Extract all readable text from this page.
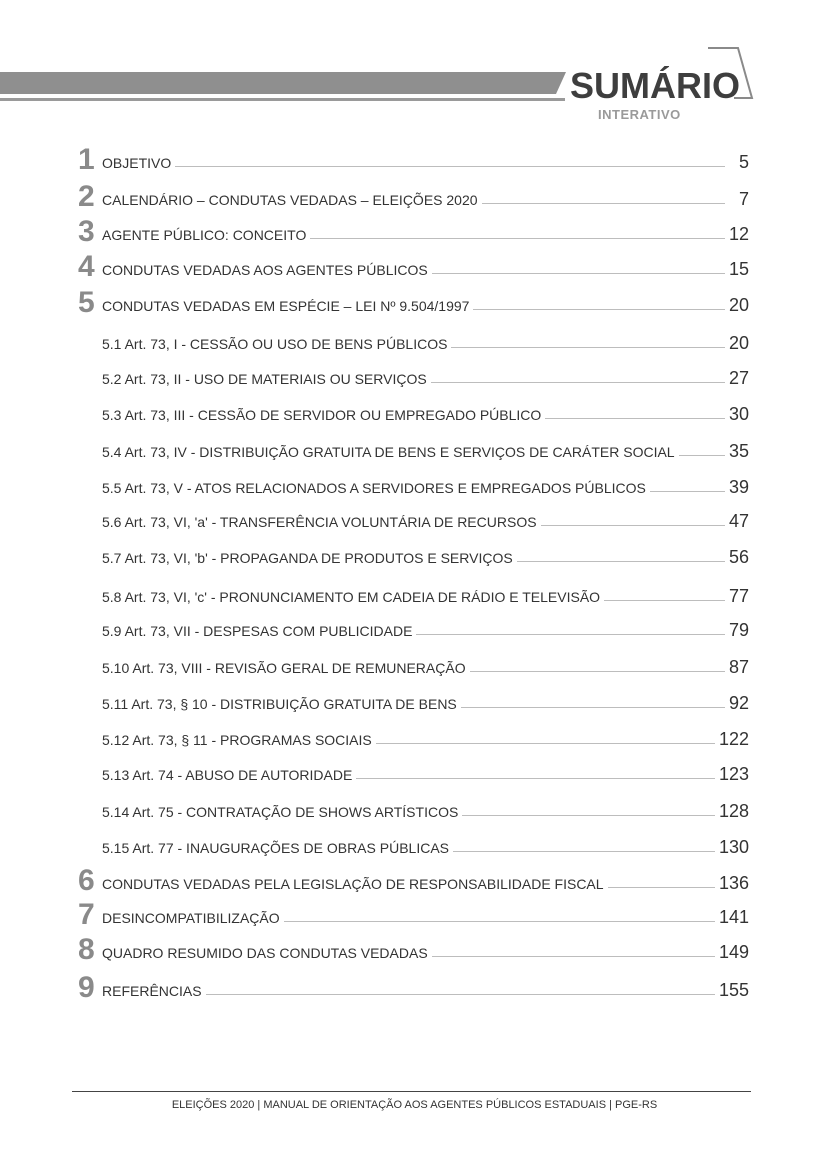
SUMÁRIO
INTERATIVO
1 OBJETIVO	5
2 CALENDÁRIO – CONDUTAS VEDADAS – ELEIÇÕES 2020	7
3 AGENTE PÚBLICO: CONCEITO	12
4 CONDUTAS VEDADAS AOS AGENTES PÚBLICOS	15
5 CONDUTAS VEDADAS EM ESPÉCIE – LEI Nº 9.504/1997	20
5.1 Art. 73, I - CESSÃO OU USO DE BENS PÚBLICOS	20
5.2 Art. 73, II - USO DE MATERIAIS OU SERVIÇOS	27
5.3 Art. 73, III - CESSÃO DE SERVIDOR OU EMPREGADO PÚBLICO	30
5.4 Art. 73, IV - DISTRIBUIÇÃO GRATUITA DE BENS E SERVIÇOS DE CARÁTER SOCIAL	35
5.5 Art. 73, V - ATOS RELACIONADOS A SERVIDORES E EMPREGADOS PÚBLICOS	39
5.6 Art. 73, VI, 'a' - TRANSFERÊNCIA VOLUNTÁRIA DE RECURSOS	47
5.7 Art. 73, VI, 'b' - PROPAGANDA DE PRODUTOS E SERVIÇOS	56
5.8 Art. 73, VI, 'c' - PRONUNCIAMENTO EM CADEIA DE RÁDIO E TELEVISÃO	77
5.9 Art. 73, VII - DESPESAS COM PUBLICIDADE	79
5.10 Art. 73, VIII - REVISÃO GERAL DE REMUNERAÇÃO	87
5.11 Art. 73, § 10 - DISTRIBUIÇÃO GRATUITA DE BENS	92
5.12 Art. 73, § 11 - PROGRAMAS SOCIAIS	122
5.13 Art. 74 - ABUSO DE AUTORIDADE	123
5.14 Art. 75 - CONTRATAÇÃO DE SHOWS ARTÍSTICOS	128
5.15 Art. 77 - INAUGURAÇÕES DE OBRAS PÚBLICAS	130
6 CONDUTAS VEDADAS PELA LEGISLAÇÃO DE RESPONSABILIDADE FISCAL	136
7 DESINCOMPATIBILIZAÇÃO	141
8 QUADRO RESUMIDO DAS CONDUTAS VEDADAS	149
9 REFERÊNCIAS	155
ELEIÇÕES 2020 | MANUAL DE ORIENTAÇÃO AOS AGENTES PÚBLICOS ESTADUAIS | PGE-RS
